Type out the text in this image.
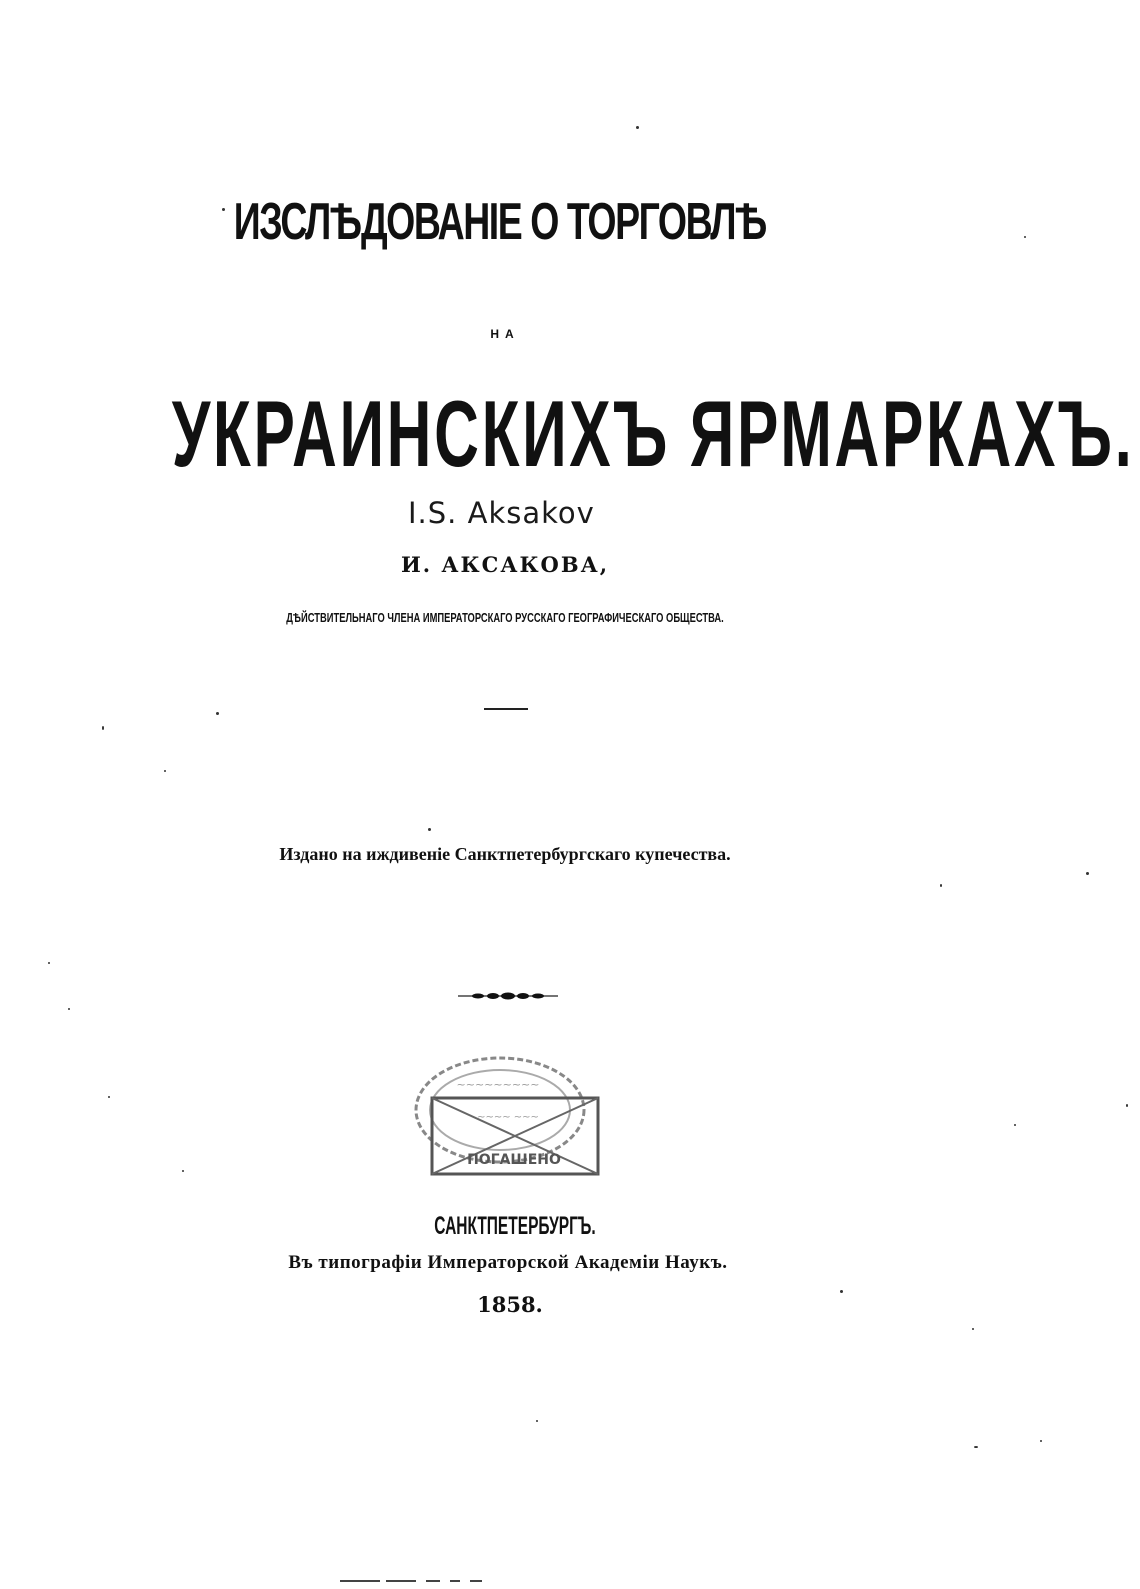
ИЗСЛѢДОВАНІЕ О ТОРГОВЛѢ
НА
УКРАИНСКИХЪ ЯРМАРКАХЪ.
I.S. Aksakov
И. АКСАКОВА,
ДѢЙСТВИТЕЛЬНАГО ЧЛЕНА ИМПЕРАТОРСКАГО РУССКАГО ГЕОГРАФИЧЕСКАГО ОБЩЕСТВА.
Издано на иждивеніе Санктпетербургскаго купечества.
~~~~~~~~~
~~~~ ~~~
ПОГАШЕНО
САНКТПЕТЕРБУРГЪ.
Въ типографіи Императорской Академіи Наукъ.
1858.
